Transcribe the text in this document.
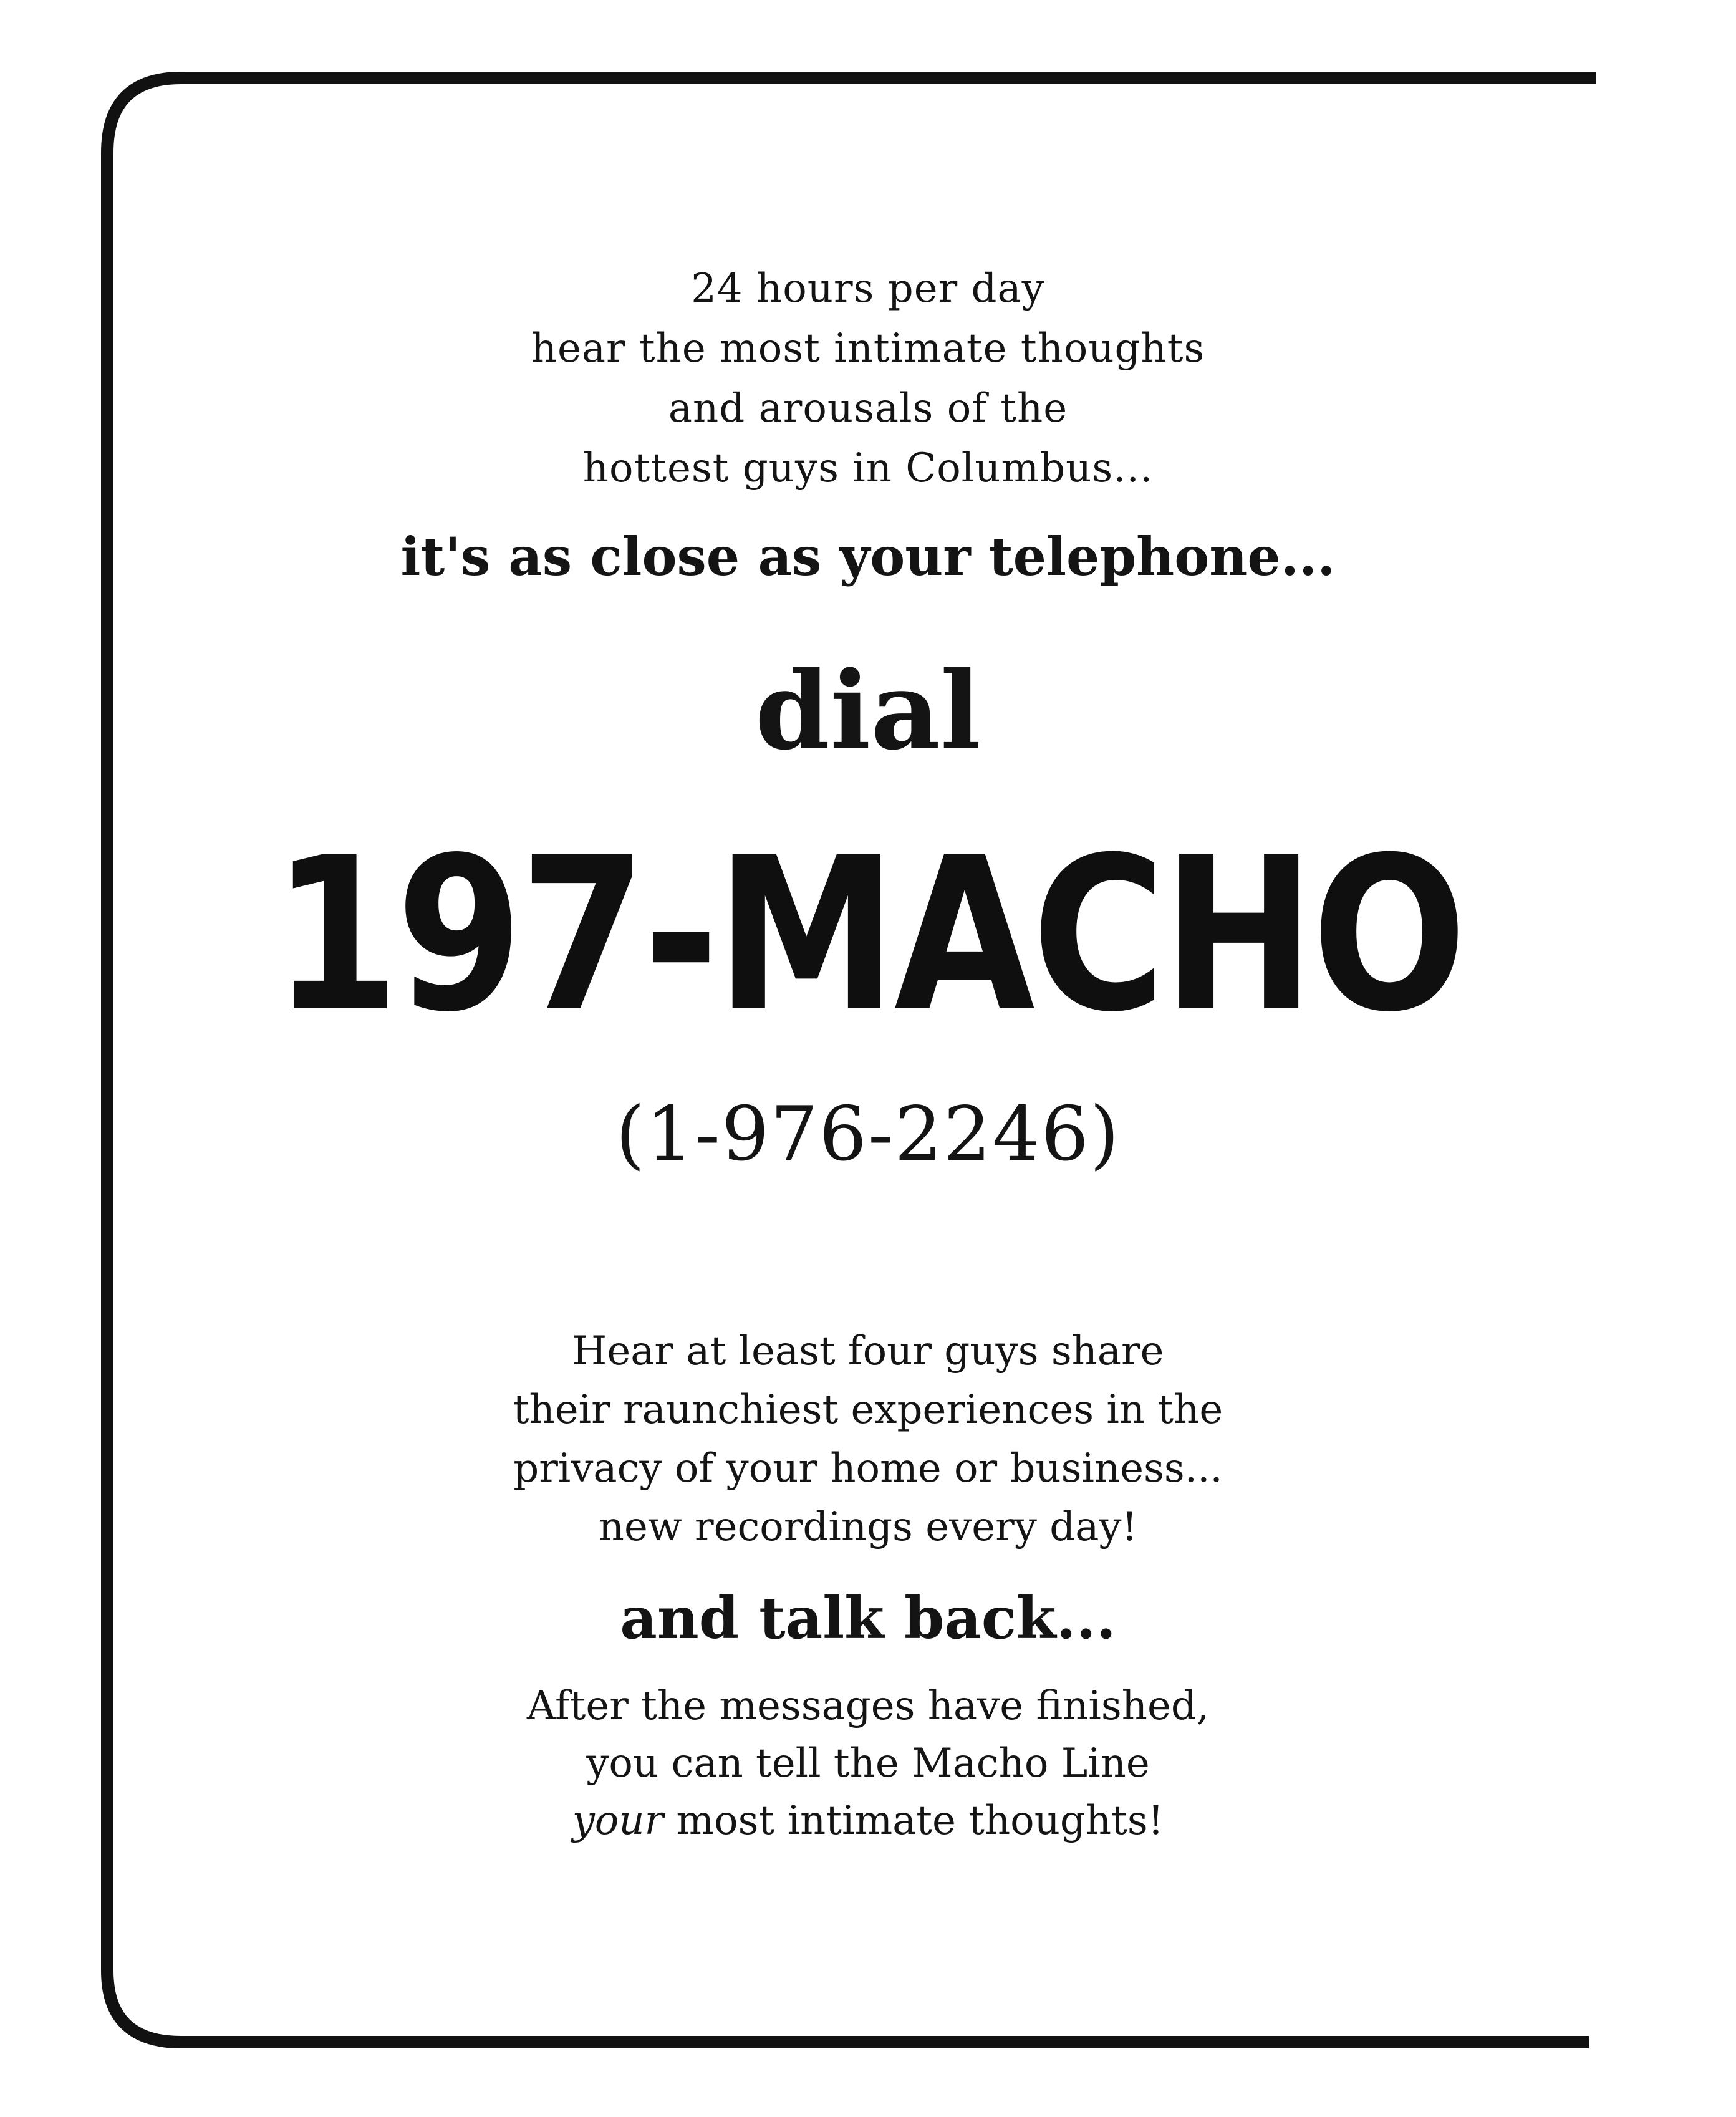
24 hours per day
hear the most intimate thoughts
and arousals of the
hottest guys in Columbus...
it's as close as your telephone...
dial
197-MACHO
(1-976-2246)
Hear at least four guys share
their raunchiest experiences in the
privacy of your home or business...
new recordings every day!
and talk back...
After the messages have finished,
you can tell the Macho Line
your most intimate thoughts!
